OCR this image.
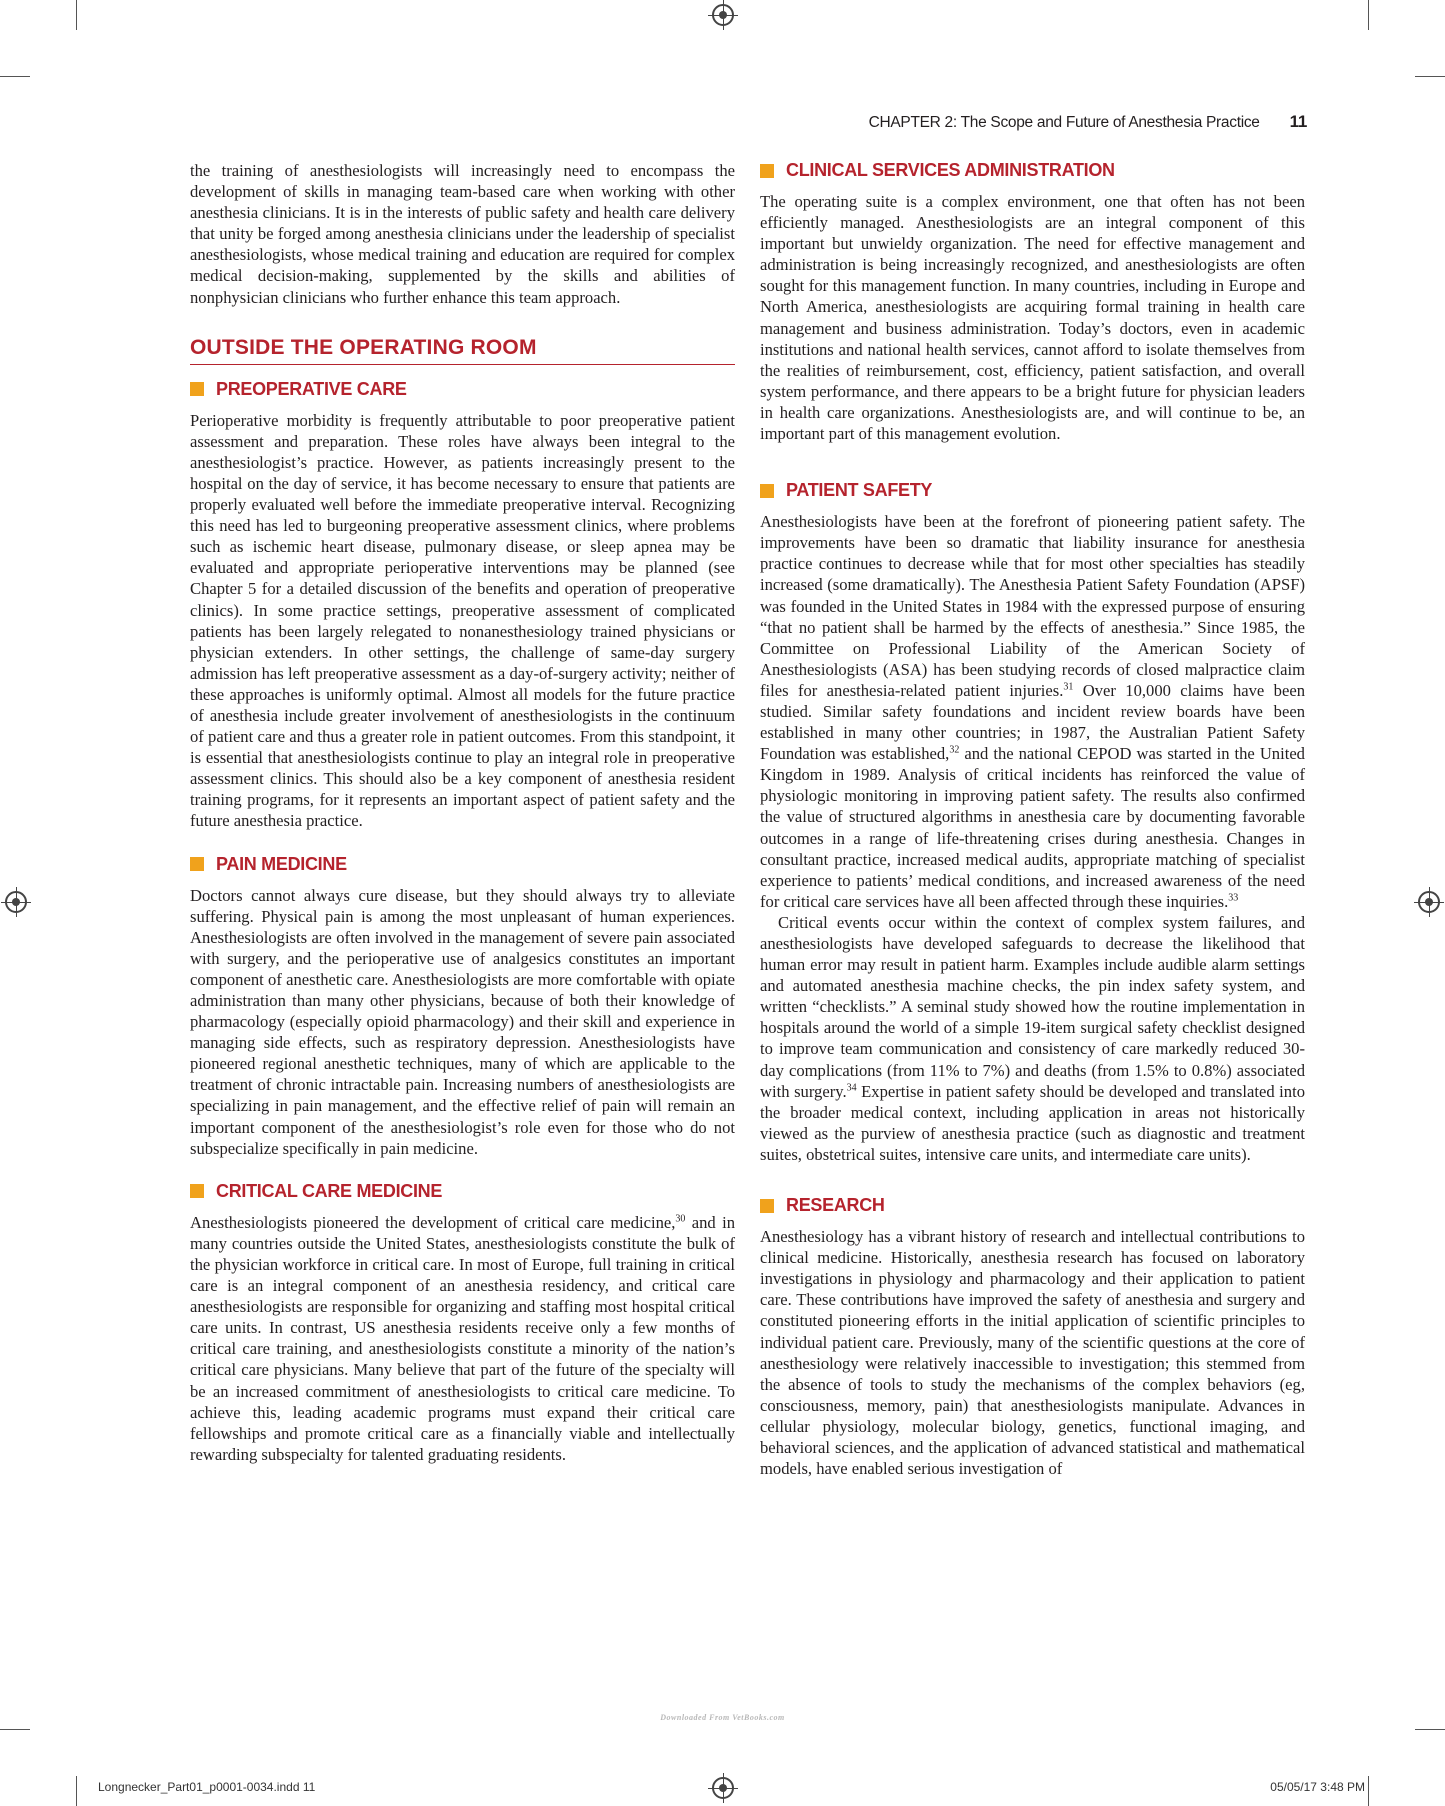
CHAPTER 2: The Scope and Future of Anesthesia Practice 11

the training of anesthesiologists will increasingly need to encompass the development of skills in managing team-based care when working with other anesthesia clinicians. It is in the interests of public safety and health care delivery that unity be forged among anesthesia clinicians under the leadership of specialist anesthesiologists, whose medical training and education are required for complex medical decision-making, supplemented by the skills and abilities of nonphysician clinicians who further enhance this team approach.

OUTSIDE THE OPERATING ROOM
PREOPERATIVE CARE

Perioperative morbidity is frequently attributable to poor preoperative patient assessment and preparation. These roles have always been integral to the anesthesiologist’s practice. However, as patients increasingly present to the hospital on the day of service, it has become necessary to ensure that patients are properly evaluated well before the immediate preoperative interval. Recognizing this need has led to burgeoning preoperative assessment clinics, where problems such as ischemic heart disease, pulmonary disease, or sleep apnea may be evaluated and appropriate perioperative interventions may be planned (see Chapter 5 for a detailed discussion of the benefits and operation of preoperative clinics). In some practice settings, preoperative assessment of complicated patients has been largely relegated to nonanesthesiology trained physicians or physician extenders. In other settings, the challenge of same-day surgery admission has left preoperative assessment as a day-of-surgery activity; neither of these approaches is uniformly optimal. Almost all models for the future practice of anesthesia include greater involvement of anesthesiologists in the continuum of patient care and thus a greater role in patient outcomes. From this standpoint, it is essential that anesthesiologists continue to play an integral role in preoperative assessment clinics. This should also be a key component of anesthesia resident training programs, for it represents an important aspect of patient safety and the future anesthesia practice.

PAIN MEDICINE

Doctors cannot always cure disease, but they should always try to alleviate suffering. Physical pain is among the most unpleasant of human experiences. Anesthesiologists are often involved in the management of severe pain associated with surgery, and the perioperative use of analgesics constitutes an important component of anesthetic care. Anesthesiologists are more comfortable with opiate administration than many other physicians, because of both their knowledge of pharmacology (especially opioid pharmacology) and their skill and experience in managing side effects, such as respiratory depression. Anesthesiologists have pioneered regional anesthetic techniques, many of which are applicable to the treatment of chronic intractable pain. Increasing numbers of anesthesiologists are specializing in pain management, and the effective relief of pain will remain an important component of the anesthesiologist’s role even for those who do not subspecialize specifically in pain medicine.

CRITICAL CARE MEDICINE

Anesthesiologists pioneered the development of critical care medicine,$^{30}$ and in many countries outside the United States, anesthesiologists constitute the bulk of the physician workforce in critical care. In most of Europe, full training in critical care is an integral component of an anesthesia residency, and critical care anesthesiologists are responsible for organizing and staffing most hospital critical care units. In contrast, US anesthesia residents receive only a few months of critical care training, and anesthesiologists constitute a minority of the nation’s critical care physicians. Many believe that part of the future of the specialty will be an increased commitment of anesthesiologists to critical care medicine. To achieve this, leading academic programs must expand their critical care fellowships and promote critical care as a financially viable and intellectually rewarding subspecialty for talented graduating residents.

CLINICAL SERVICES ADMINISTRATION

The operating suite is a complex environment, one that often has not been efficiently managed. Anesthesiologists are an integral component of this important but unwieldy organization. The need for effective management and administration is being increasingly recognized, and anesthesiologists are often sought for this management function. In many countries, including in Europe and North America, anesthesiologists are acquiring formal training in health care management and business administration. Today’s doctors, even in academic institutions and national health services, cannot afford to isolate themselves from the realities of reimbursement, cost, efficiency, patient satisfaction, and overall system performance, and there appears to be a bright future for physician leaders in health care organizations. Anesthesiologists are, and will continue to be, an important part of this management evolution.

PATIENT SAFETY

Anesthesiologists have been at the forefront of pioneering patient safety. The improvements have been so dramatic that liability insurance for anesthesia practice continues to decrease while that for most other specialties has steadily increased (some dramatically). The Anesthesia Patient Safety Foundation (APSF) was founded in the United States in 1984 with the expressed purpose of ensuring “that no patient shall be harmed by the effects of anesthesia.” Since 1985, the Committee on Professional Liability of the American Society of Anesthesiologists (ASA) has been studying records of closed malpractice claim files for anesthesia-related patient injuries.$^{31}$ Over 10,000 claims have been studied. Similar safety foundations and incident review boards have been established in many other countries; in 1987, the Australian Patient Safety Foundation was established,$^{32}$ and the national CEPOD was started in the United Kingdom in 1989. Analysis of critical incidents has reinforced the value of physiologic monitoring in improving patient safety. The results also confirmed the value of structured algorithms in anesthesia care by documenting favorable outcomes in a range of life-threatening crises during anesthesia. Changes in consultant practice, increased medical audits, appropriate matching of specialist experience to patients’ medical conditions, and increased awareness of the need for critical care services have all been affected through these inquiries.$^{33}$

Critical events occur within the context of complex system failures, and anesthesiologists have developed safeguards to decrease the likelihood that human error may result in patient harm. Examples include audible alarm settings and automated anesthesia machine checks, the pin index safety system, and written “checklists.” A seminal study showed how the routine implementation in hospitals around the world of a simple 19-item surgical safety checklist designed to improve team communication and consistency of care markedly reduced 30-day complications (from 11% to 7%) and deaths (from 1.5% to 0.8%) associated with surgery.$^{34}$ Expertise in patient safety should be developed and translated into the broader medical context, including application in areas not historically viewed as the purview of anesthesia practice (such as diagnostic and treatment suites, obstetrical suites, intensive care units, and intermediate care units).

RESEARCH

Anesthesiology has a vibrant history of research and intellectual contributions to clinical medicine. Historically, anesthesia research has focused on laboratory investigations in physiology and pharmacology and their application to patient care. These contributions have improved the safety of anesthesia and surgery and constituted pioneering efforts in the initial application of scientific principles to individual patient care. Previously, many of the scientific questions at the core of anesthesiology were relatively inaccessible to investigation; this stemmed from the absence of tools to study the mechanisms of the complex behaviors (eg, consciousness, memory, pain) that anesthesiologists manipulate. Advances in cellular physiology, molecular biology, genetics, functional imaging, and behavioral sciences, and the application of advanced statistical and mathematical models, have enabled serious investigation of

Downloaded From VetBooks.com
Longnecker_Part01_p0001-0034.indd 11	05/05/17 3:48 PM
